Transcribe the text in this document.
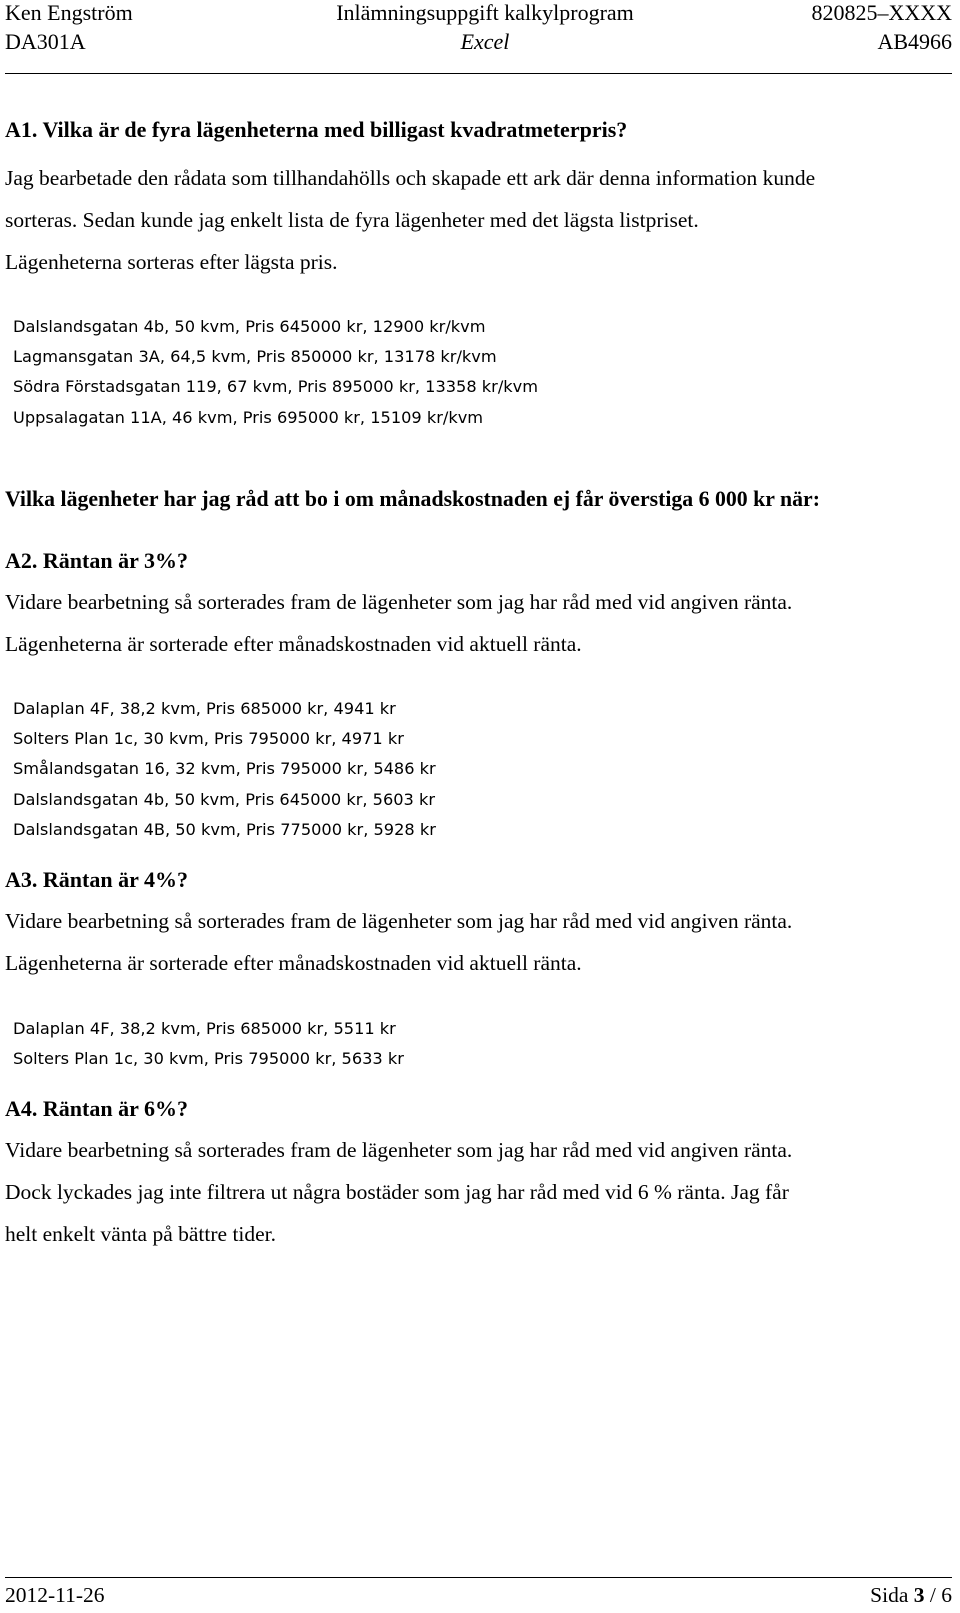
Ken Engström	Inlämningsuppgift kalkylprogram	820825–XXXX
DA301A	Excel	AB4966
A1. Vilka är de fyra lägenheterna med billigast kvadratmeterpris?
Jag bearbetade den rådata som tillhandahölls och skapade ett ark där denna information kunde
sorteras. Sedan kunde jag enkelt lista de fyra lägenheter med det lägsta listpriset.
Lägenheterna sorteras efter lägsta pris.
Dalslandsgatan 4b, 50 kvm, Pris 645000 kr, 12900 kr/kvm
Lagmansgatan 3A, 64,5 kvm, Pris 850000 kr, 13178 kr/kvm
Södra Förstadsgatan 119, 67 kvm, Pris 895000 kr, 13358 kr/kvm
Uppsalagatan 11A, 46 kvm, Pris 695000 kr, 15109 kr/kvm
Vilka lägenheter har jag råd att bo i om månadskostnaden ej får överstiga 6 000 kr när:
A2. Räntan är 3%?
Vidare bearbetning så sorterades fram de lägenheter som jag har råd med vid angiven ränta.
Lägenheterna är sorterade efter månadskostnaden vid aktuell ränta.
Dalaplan 4F, 38,2 kvm, Pris 685000 kr, 4941 kr
Solters Plan 1c, 30 kvm, Pris 795000 kr, 4971 kr
Smålandsgatan 16, 32 kvm, Pris 795000 kr, 5486 kr
Dalslandsgatan 4b, 50 kvm, Pris 645000 kr, 5603 kr
Dalslandsgatan 4B, 50 kvm, Pris 775000 kr, 5928 kr
A3. Räntan är 4%?
Vidare bearbetning så sorterades fram de lägenheter som jag har råd med vid angiven ränta.
Lägenheterna är sorterade efter månadskostnaden vid aktuell ränta.
Dalaplan 4F, 38,2 kvm, Pris 685000 kr, 5511 kr
Solters Plan 1c, 30 kvm, Pris 795000 kr, 5633 kr
A4. Räntan är 6%?
Vidare bearbetning så sorterades fram de lägenheter som jag har råd med vid angiven ränta.
Dock lyckades jag inte filtrera ut några bostäder som jag har råd med vid 6 % ränta. Jag får
helt enkelt vänta på bättre tider.
2012-11-26	Sida 3 / 6
